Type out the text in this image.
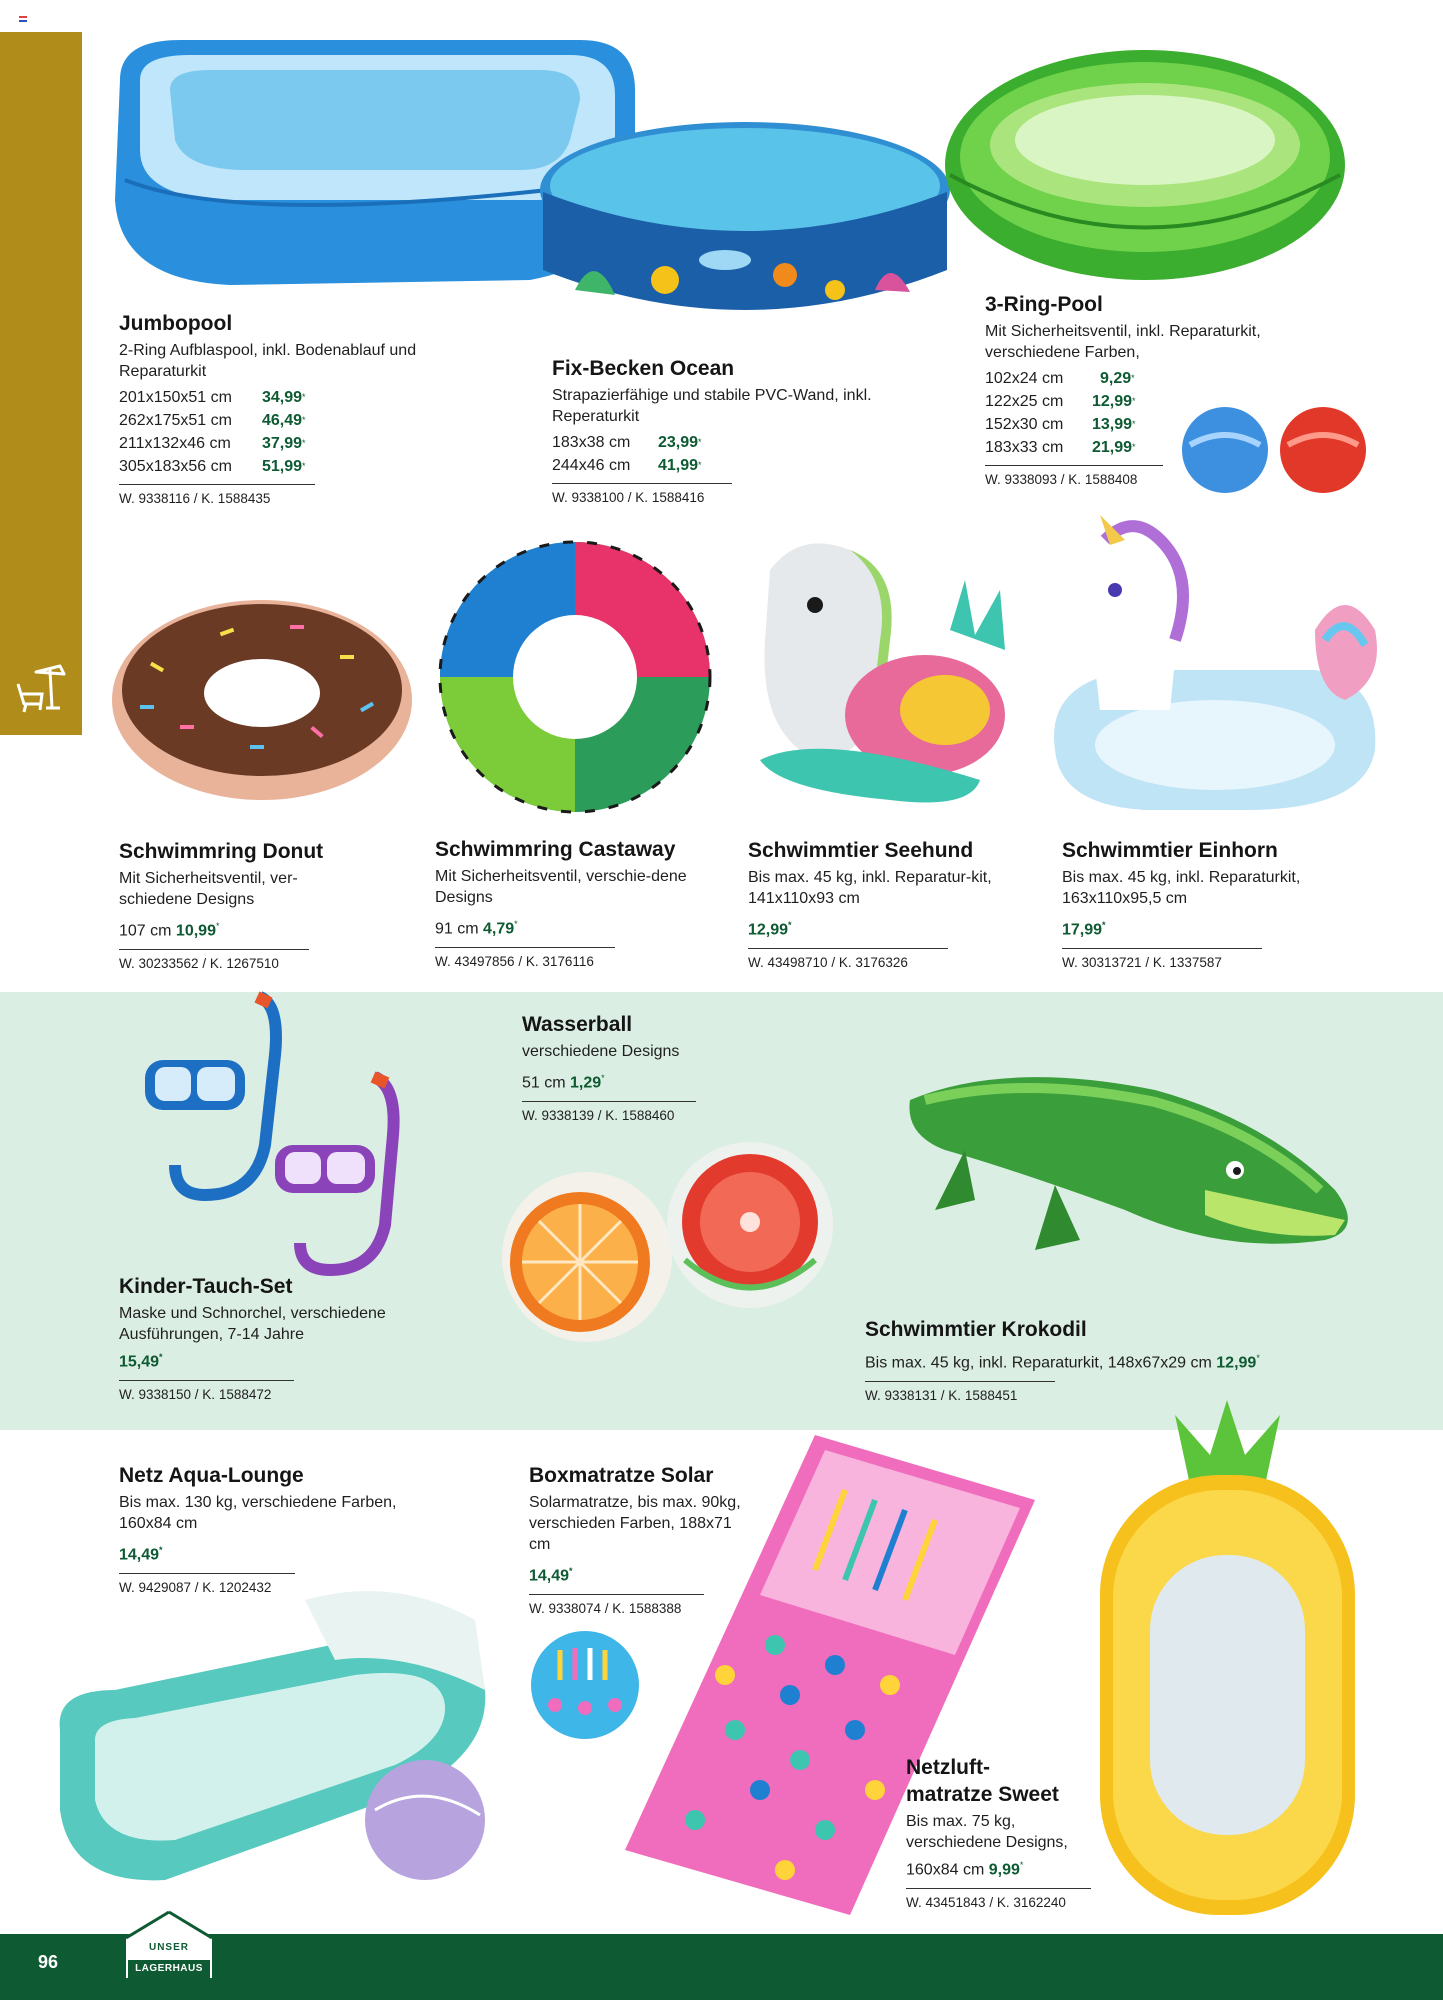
Jumbopool
2-Ring Aufblaspool, inkl. Bodenablauf und Reparaturkit
201x150x51 cm	34,99 *
262x175x51 cm	46,49 *
211x132x46 cm	37,99 *
305x183x56 cm	51,99 *
W. 9338116 / K. 1588435
Fix-Becken Ocean
Strapazierfähige und stabile PVC-Wand, inkl. Reperaturkit
183x38 cm	23,99 *
244x46 cm	41,99 *
W. 9338100 / K. 1588416
3-Ring-Pool
Mit Sicherheitsventil, inkl. Reparaturkit, verschiedene Farben,
102x24 cm	9,29 *
122x25 cm	12,99 *
152x30 cm	13,99 *
183x33 cm	21,99 *
W. 9338093 / K. 1588408
Schwimmring Donut
Mit Sicherheitsventil, ver-schiedene Designs
107 cm 10,99*
W. 30233562 / K. 1267510
Schwimmring Castaway
Mit Sicherheitsventil, verschie-dene Designs
91 cm 4,79*
W. 43497856 / K. 3176116
Schwimmtier Seehund
Bis max. 45 kg, inkl. Reparatur-kit, 141x110x93 cm
12,99*
W. 43498710 / K. 3176326
Schwimmtier Einhorn
Bis max. 45 kg, inkl. Reparaturkit, 163x110x95,5 cm
17,99*
W. 30313721 / K. 1337587
Wasserball
verschiedene Designs
51 cm 1,29*
W. 9338139 / K. 1588460
Kinder-Tauch-Set
Maske und Schnorchel, verschiedene Ausführungen, 7-14 Jahre
15,49*
W. 9338150 / K. 1588472
Schwimmtier Krokodil
Bis max. 45 kg, inkl. Reparaturkit, 148x67x29 cm 12,99*
W. 9338131 / K. 1588451
Netz Aqua-Lounge
Bis max. 130 kg, verschiedene Farben, 160x84 cm
14,49*
W. 9429087 / K. 1202432
Boxmatratze Solar
Solarmatratze, bis max. 90kg, verschieden Farben, 188x71 cm
14,49*
W. 9338074 / K. 1588388
Netzluft-
matratze Sweet
Bis max. 75 kg, verschiedene Designs,
160x84 cm 9,99*
W. 43451843 / K. 3162240
96
UNSER
LAGERHAUS
